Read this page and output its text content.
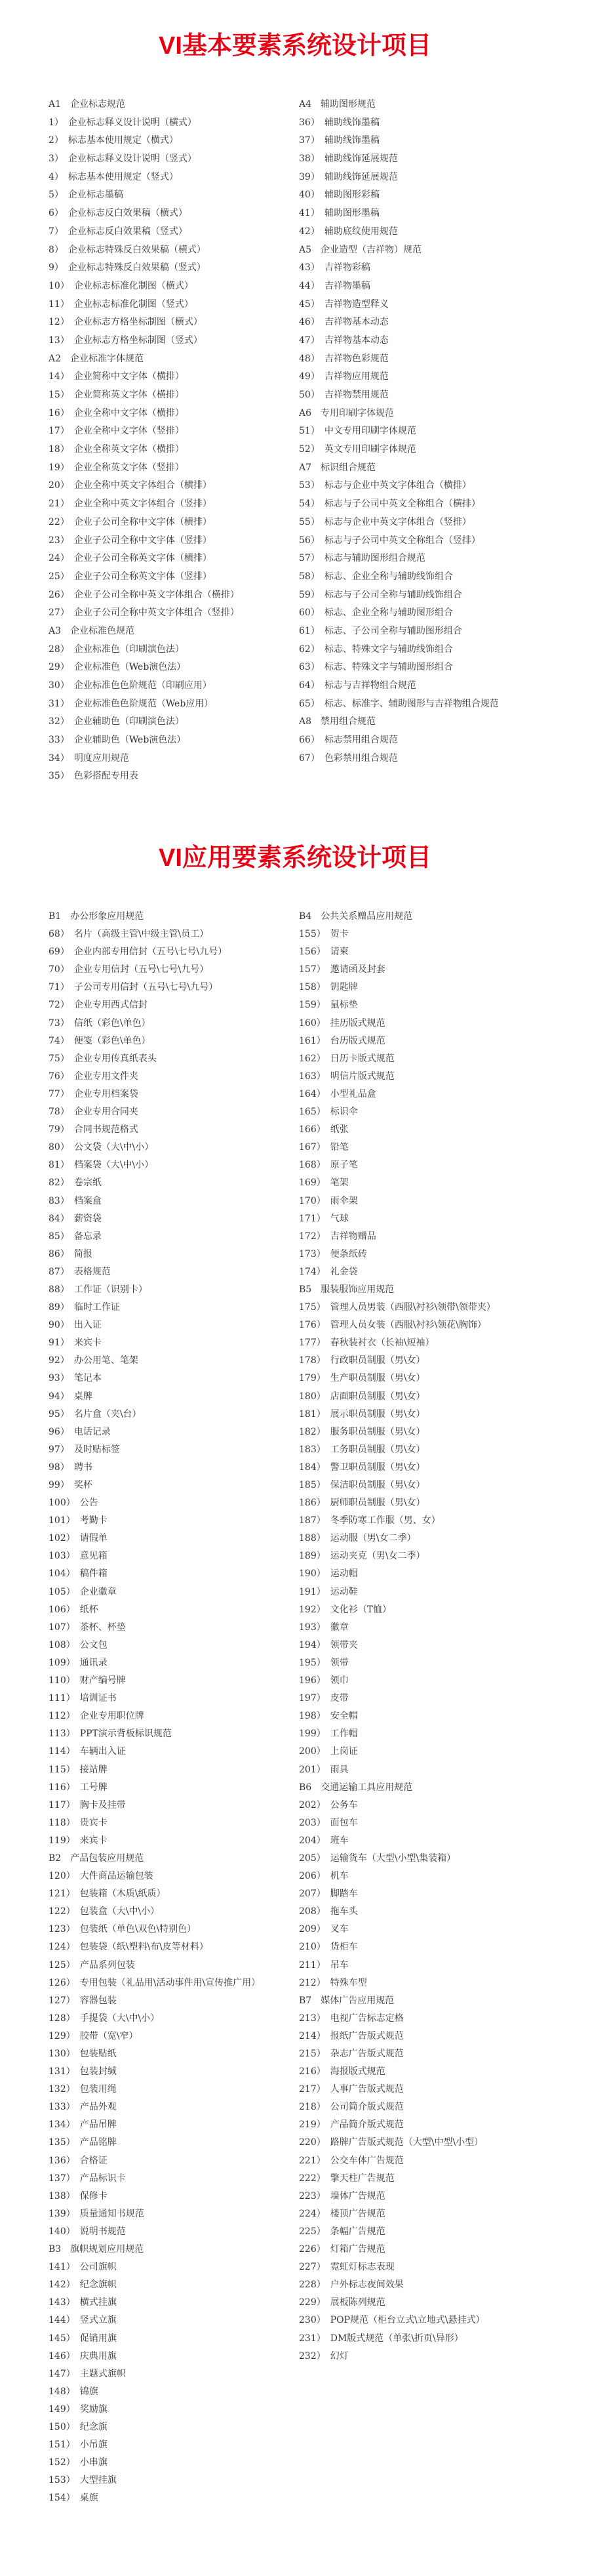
VI基本要素系统设计项目
A1　企业标志规范
1）　企业标志释义设计说明（横式）
2）　标志基本使用规定（横式）
3）　企业标志释义设计说明（竖式）
4）　标志基本使用规定（竖式）
5）　企业标志墨稿
6）　企业标志反白效果稿（横式）
7）　企业标志反白效果稿（竖式）
8）　企业标志特殊反白效果稿（横式）
9）　企业标志特殊反白效果稿（竖式）
10）　企业标志标准化制图（横式）
11）　企业标志标准化制图（竖式）
12）　企业标志方格坐标制图（横式）
13）　企业标志方格坐标制图（竖式）
A2　企业标准字体规范
14）　企业简称中文字体（横排）
15）　企业简称英文字体（横排）
16）　企业全称中文字体（横排）
17）　企业全称中文字体（竖排）
18）　企业全称英文字体（横排）
19）　企业全称英文字体（竖排）
20）　企业全称中英文字体组合（横排）
21）　企业全称中英文字体组合（竖排）
22）　企业子公司全称中文字体（横排）
23）　企业子公司全称中文字体（竖排）
24）　企业子公司全称英文字体（横排）
25）　企业子公司全称英文字体（竖排）
26）　企业子公司全称中英文字体组合（横排）
27）　企业子公司全称中英文字体组合（竖排）
A3　企业标准色规范
28）　企业标准色（印刷演色法）
29）　企业标准色（Web演色法）
30）　企业标准色色阶规范（印刷应用）
31）　企业标准色色阶规范（Web应用）
32）　企业辅助色（印刷演色法）
33）　企业辅助色（Web演色法）
34）　明度应用规范
35）　色彩搭配专用表
A4　辅助图形规范
36）　辅助线饰墨稿
37）　辅助线饰墨稿
38）　辅助线饰延展规范
39）　辅助线饰延展规范
40）　辅助图形彩稿
41）　辅助图形墨稿
42）　辅助底纹使用规范
A5　企业造型（吉祥物）规范
43）　吉祥物彩稿
44）　吉祥物墨稿
45）　吉祥物造型释义
46）　吉祥物基本动态
47）　吉祥物基本动态
48）　吉祥物色彩规范
49）　吉祥物应用规范
50）　吉祥物禁用规范
A6　专用印刷字体规范
51）　中文专用印刷字体规范
52）　英文专用印刷字体规范
A7　标识组合规范
53）　标志与企业中英文字体组合（横排）
54）　标志与子公司中英文全称组合（横排）
55）　标志与企业中英文字体组合（竖排）
56）　标志与子公司中英文全称组合（竖排）
57）　标志与辅助图形组合规范
58）　标志、企业全称与辅助线饰组合
59）　标志与子公司全称与辅助线饰组合
60）　标志、企业全称与辅助图形组合
61）　标志、子公司全称与辅助图形组合
62）　标志、特殊文字与辅助线饰组合
63）　标志、特殊文字与辅助图形组合
64）　标志与吉祥物组合规范
65）　标志、标准字、辅助图形与吉祥物组合规范
A8　禁用组合规范
66）　标志禁用组合规范
67）　色彩禁用组合规范
VI应用要素系统设计项目
B1　办公形象应用规范
68）　名片（高级主管\中级主管\员工）
69）　企业内部专用信封（五号\七号\九号）
70）　企业专用信封（五号\七号\九号）
71）　子公司专用信封（五号\七号\九号）
72）　企业专用西式信封
73）　信纸（彩色\单色）
74）　便笺（彩色\单色）
75）　企业专用传真纸表头
76）　企业专用文件夹
77）　企业专用档案袋
78）　企业专用合同夹
79）　合同书规范格式
80）　公文袋（大\中\小）
81）　档案袋（大\中\小）
82）　卷宗纸
83）　档案盒
84）　薪资袋
85）　备忘录
86）　简报
87）　表格规范
88）　工作证（识别卡）
89）　临时工作证
90）　出入证
91）　来宾卡
92）　办公用笔、笔架
93）　笔记本
94）　桌牌
95）　名片盒（夹\台）
96）　电话记录
97）　及时贴标签
98）　聘书
99）　奖杯
100）　公告
101）　考勤卡
102）　请假单
103）　意见箱
104）　稿件箱
105）　企业徽章
106）　纸杯
107）　茶杯、杯垫
108）　公文包
109）　通讯录
110）　财产编号牌
111）　培训证书
112）　企业专用职位牌
113）　PPT演示背板标识规范
114）　车辆出入证
115）　接站牌
116）　工号牌
117）　胸卡及挂带
118）　贵宾卡
119）　来宾卡
B2　产品包装应用规范
120）　大件商品运输包装
121）　包装箱（木质\纸质）
122）　包装盒（大\中\小）
123）　包装纸（单色\双色\特别色）
124）　包装袋（纸\塑料\布\皮等材料）
125）　产品系列包装
126）　专用包装（礼品用\活动事件用\宣传推广用）
127）　容器包装
128）　手提袋（大\中\小）
129）　胶带（宽\窄）
130）　包装贴纸
131）　包装封缄
132）　包装用绳
133）　产品外观
134）　产品吊牌
135）　产品铭牌
136）　合格证
137）　产品标识卡
138）　保修卡
139）　质量通知书规范
140）　说明书规范
B3　旗帜规划应用规范
141）　公司旗帜
142）　纪念旗帜
143）　横式挂旗
144）　竖式立旗
145）　促销用旗
146）　庆典用旗
147）　主题式旗帜
148）　锦旗
149）　奖励旗
150）　纪念旗
151）　小吊旗
152）　小串旗
153）　大型挂旗
154）　桌旗
B4　公共关系赠品应用规范
155）　贺卡
156）　请柬
157）　邀请函及封套
158）　钥匙牌
159）　鼠标垫
160）　挂历版式规范
161）　台历版式规范
162）　日历卡版式规范
163）　明信片版式规范
164）　小型礼品盒
165）　标识伞
166）　纸张
167）　铅笔
168）　原子笔
169）　笔架
170）　雨伞架
171）　气球
172）　吉祥物赠品
173）　便条纸砖
174）　礼金袋
B5　服装服饰应用规范
175）　管理人员男装（西服\衬衫\领带\领带夹）
176）　管理人员女装（西服\衬衫\领花\胸饰）
177）　春秋装衬衣（长袖\短袖）
178）　行政职员制服（男\女）
179）　生产职员制服（男\女）
180）　店面职员制服（男\女）
181）　展示职员制服（男\女）
182）　服务职员制服（男\女）
183）　工务职员制服（男\女）
184）　警卫职员制服（男\女）
185）　保洁职员制服（男\女）
186）　厨师职员制服（男\女）
187）　冬季防寒工作服（男、女）
188）　运动服（男\女二季）
189）　运动夹克（男\女二季）
190）　运动帽
191）　运动鞋
192）　文化衫（T恤）
193）　徽章
194）　领带夹
195）　领带
196）　领巾
197）　皮带
198）　安全帽
199）　工作帽
200）　上岗证
201）　雨具
B6　交通运输工具应用规范
202）　公务车
203）　面包车
204）　班车
205）　运输货车（大型\小型\集装箱）
206）　机车
207）　脚踏车
208）　拖车头
209）　叉车
210）　货柜车
211）　吊车
212）　特殊车型
B7　媒体广告应用规范
213）　电视广告标志定格
214）　报纸广告版式规范
215）　杂志广告版式规范
216）　海报版式规范
217）　人事广告版式规范
218）　公司简介版式规范
219）　产品简介版式规范
220）　路牌广告版式规范（大型\中型\小型）
221）　公交车体广告规范
222）　擎天柱广告规范
223）　墙体广告规范
224）　楼顶广告规范
225）　条幅广告规范
226）　灯箱广告规范
227）　霓虹灯标志表现
228）　户外标志夜间效果
229）　展板陈列规范
230）　POP规范（柜台立式\立地式\悬挂式）
231）　DM版式规范（单张\折页\异形）
232）　幻灯
